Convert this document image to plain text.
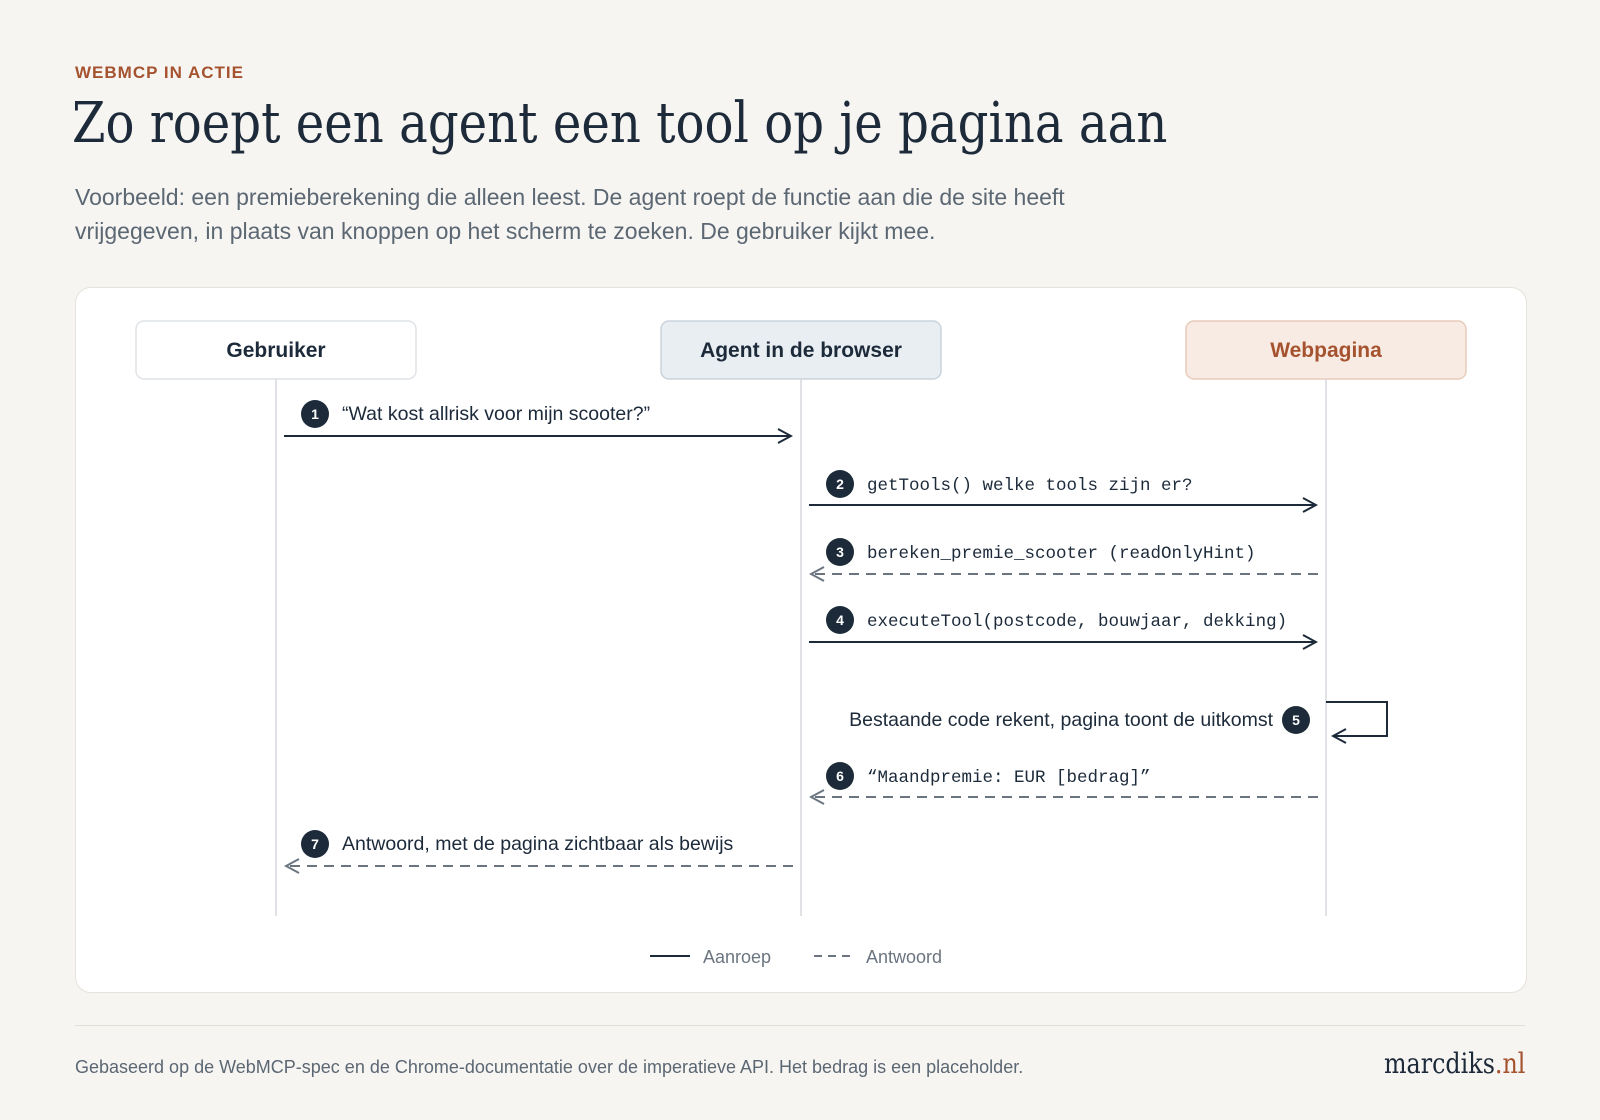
WEBMCP IN ACTIE
Zo roept een agent een tool op je pagina aan

Voorbeeld: een premieberekening die alleen leest. De agent roept de functie aan die de site heeft vrijgegeven, in plaats van knoppen op het scherm te zoeken. De gebruiker kijkt mee.

Gebruiker	Agent in de browser	Webpagina
1 “Wat kost allrisk voor mijn scooter?”
2 getTools() welke tools zijn er?
3 bereken_premie_scooter (readOnlyHint)
4 executeTool(postcode, bouwjaar, dekking)
Bestaande code rekent, pagina toont de uitkomst 5
6 “Maandpremie: EUR [bedrag]”
7 Antwoord, met de pagina zichtbaar als bewijs
Aanroep	Antwoord
Gebaseerd op de WebMCP-spec en de Chrome-documentatie over de imperatieve API. Het bedrag is een placeholder.	marcdiks.nl
